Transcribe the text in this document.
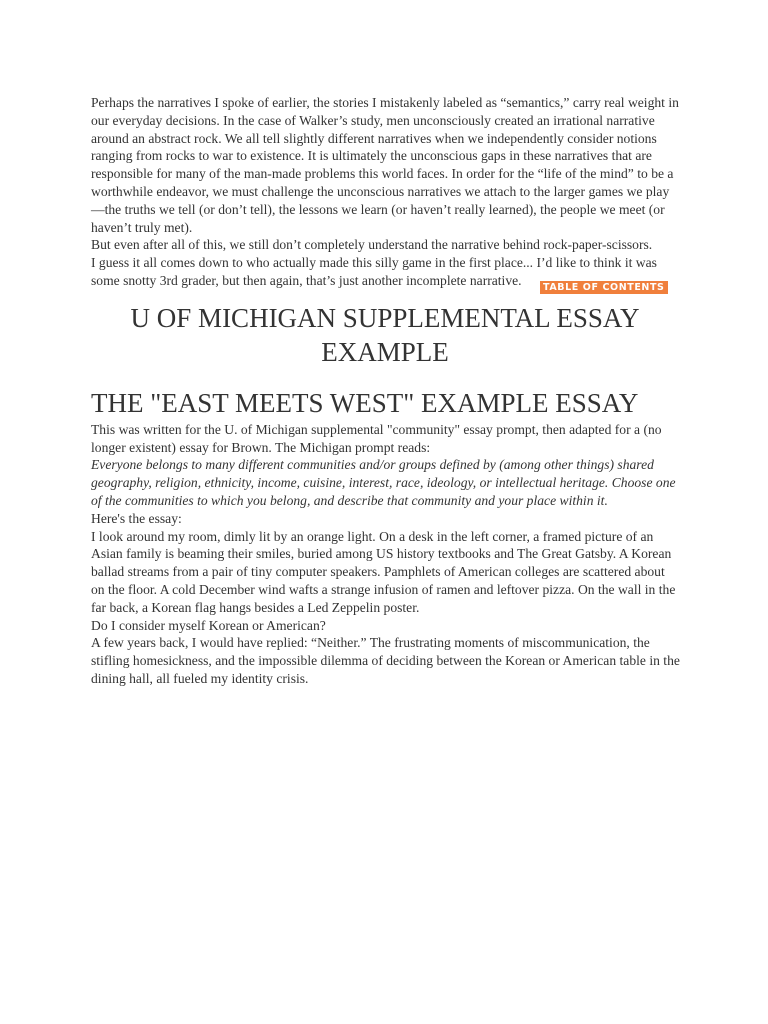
Perhaps the narratives I spoke of earlier, the stories I mistakenly labeled as “semantics,” carry real weight in our everyday decisions. In the case of Walker’s study, men unconsciously created an irrational narrative around an abstract rock. We all tell slightly different narratives when we independently consider notions ranging from rocks to war to existence. It is ultimately the unconscious gaps in these narratives that are responsible for many of the man-made problems this world faces. In order for the “life of the mind” to be a worthwhile endeavor, we must challenge the unconscious narratives we attach to the larger games we play—the truths we tell (or don’t tell), the lessons we learn (or haven’t really learned), the people we meet (or haven’t truly met).

But even after all of this, we still don’t completely understand the narrative behind rock-paper-scissors.

I guess it all comes down to who actually made this silly game in the first place... I’d like to think it was some snotty 3rd grader, but then again, that’s just another incomplete narrative.	TABLE OF CONTENTS
U OF MICHIGAN SUPPLEMENTAL ESSAY EXAMPLE
THE "EAST MEETS WEST" EXAMPLE ESSAY

This was written for the U. of Michigan supplemental "community" essay prompt, then adapted for a (no longer existent) essay for Brown. The Michigan prompt reads:

Everyone belongs to many different communities and/or groups defined by (among other things) shared geography, religion, ethnicity, income, cuisine, interest, race, ideology, or intellectual heritage. Choose one of the communities to which you belong, and describe that community and your place within it.

Here's the essay:

I look around my room, dimly lit by an orange light. On a desk in the left corner, a framed picture of an Asian family is beaming their smiles, buried among US history textbooks and The Great Gatsby. A Korean ballad streams from a pair of tiny computer speakers. Pamphlets of American colleges are scattered about on the floor. A cold December wind wafts a strange infusion of ramen and leftover pizza. On the wall in the far back, a Korean flag hangs besides a Led Zeppelin poster.

Do I consider myself Korean or American?

A few years back, I would have replied: “Neither.” The frustrating moments of miscommunication, the stifling homesickness, and the impossible dilemma of deciding between the Korean or American table in the dining hall, all fueled my identity crisis.
